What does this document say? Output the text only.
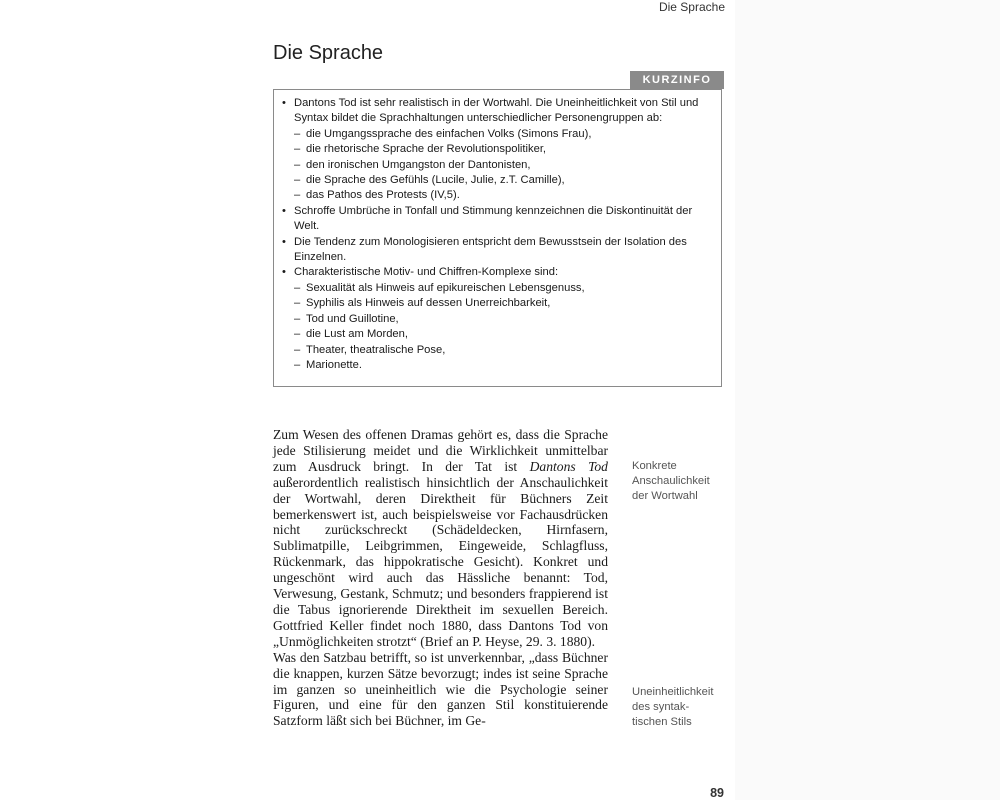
Die Sprache
Die Sprache
KURZINFO
• Dantons Tod ist sehr realistisch in der Wortwahl. Die Uneinheitlichkeit von Stil und Syntax bildet die Sprachhaltungen unterschiedlicher Personengruppen ab:
– die Umgangssprache des einfachen Volks (Simons Frau),
– die rhetorische Sprache der Revolutionspolitiker,
– den ironischen Umgangston der Dantonisten,
– die Sprache des Gefühls (Lucile, Julie, z.T. Camille),
– das Pathos des Protests (IV,5).
• Schroffe Umbrüche in Tonfall und Stimmung kennzeichnen die Diskontinuität der Welt.
• Die Tendenz zum Monologisieren entspricht dem Bewusstsein der Isolation des Einzelnen.
• Charakteristische Motiv- und Chiffren-Komplexe sind:
– Sexualität als Hinweis auf epikureischen Lebensgenuss,
– Syphilis als Hinweis auf dessen Unerreichbarkeit,
– Tod und Guillotine,
– die Lust am Morden,
– Theater, theatralische Pose,
– Marionette.

Zum Wesen des offenen Dramas gehört es, dass die Sprache jede Stilisierung meidet und die Wirklichkeit unmittelbar zum Ausdruck bringt. In der Tat ist Dantons Tod außerordentlich realistisch hinsichtlich der Anschaulichkeit der Wortwahl, deren Direktheit für Büchners Zeit bemerkenswert ist, auch beispielsweise vor Fachausdrücken nicht zurückschreckt (Schädeldecken, Hirnfasern, Sublimatpille, Leibgrimmen, Eingeweide, Schlagfluss, Rückenmark, das hippokratische Gesicht). Konkret und ungeschönt wird auch das Hässliche benannt: Tod, Verwesung, Gestank, Schmutz; und besonders frappierend ist die Tabus ignorierende Direktheit im sexuellen Bereich. Gottfried Keller findet noch 1880, dass Dantons Tod von „Unmöglichkeiten strotzt“ (Brief an P. Heyse, 29. 3. 1880).

Was den Satzbau betrifft, so ist unverkennbar, „dass Büchner die knappen, kurzen Sätze bevorzugt; indes ist seine Sprache im ganzen so uneinheitlich wie die Psychologie seiner Figuren, und eine für den ganzen Stil konstituierende Satzform läßt sich bei Büchner, im Ge-

Konkrete
Anschaulichkeit
der Wortwahl
Uneinheitlichkeit
des syntak-
tischen Stils
89
